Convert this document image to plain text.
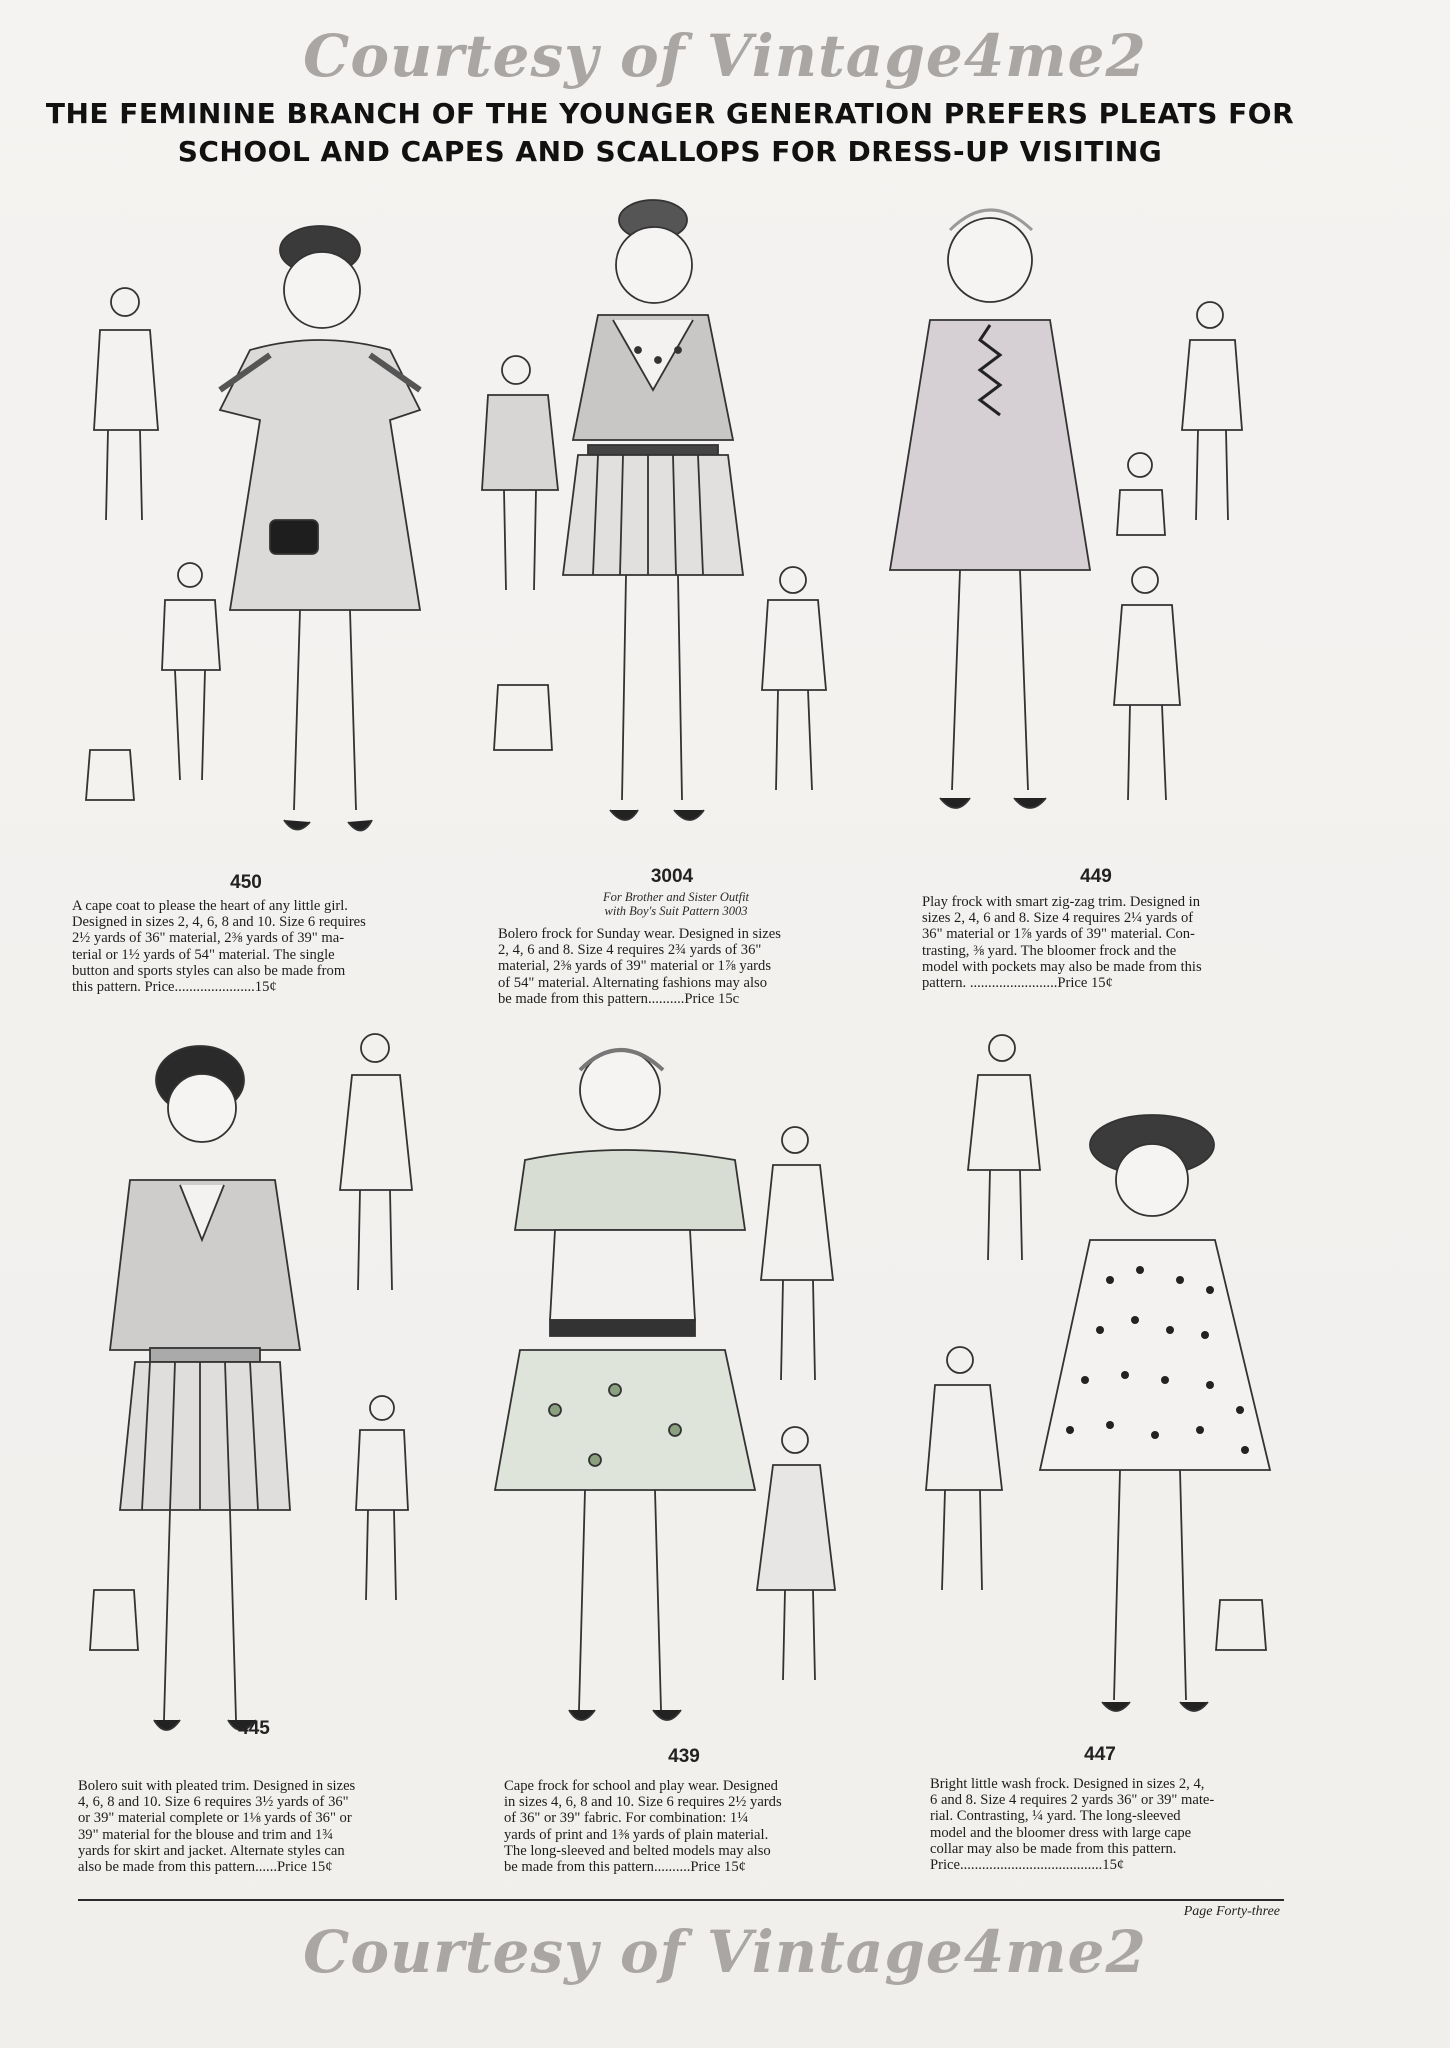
Courtesy of Vintage4me2
THE FEMININE BRANCH OF THE YOUNGER GENERATION PREFERS PLEATS FOR
SCHOOL AND CAPES AND SCALLOPS FOR DRESS-UP VISITING
450	3004	449
445
439	447
A cape coat to please the heart of any little girl.
Designed in sizes 2, 4, 6, 8 and 10. Size 6 requires
2½ yards of 36" material, 2⅜ yards of 39" ma-
terial or 1½ yards of 54" material. The single
button and sports styles can also be made from
this pattern. Price......................15¢
For Brother and Sister Outfit
with Boy's Suit Pattern 3003
Bolero frock for Sunday wear. Designed in sizes
2, 4, 6 and 8. Size 4 requires 2¾ yards of 36"
material, 2⅜ yards of 39" material or 1⅞ yards
of 54" material. Alternating fashions may also
be made from this pattern..........Price 15c
Play frock with smart zig-zag trim. Designed in
sizes 2, 4, 6 and 8. Size 4 requires 2¼ yards of
36" material or 1⅞ yards of 39" material. Con-
trasting, ⅜ yard. The bloomer frock and the
model with pockets may also be made from this
pattern. ........................Price 15¢
Bolero suit with pleated trim. Designed in sizes
4, 6, 8 and 10. Size 6 requires 3½ yards of 36"
or 39" material complete or 1⅛ yards of 36" or
39" material for the blouse and trim and 1¾
yards for skirt and jacket. Alternate styles can
also be made from this pattern......Price 15¢
Cape frock for school and play wear. Designed
in sizes 4, 6, 8 and 10. Size 6 requires 2½ yards
of 36" or 39" fabric. For combination: 1¼
yards of print and 1⅜ yards of plain material.
The long-sleeved and belted models may also
be made from this pattern..........Price 15¢
Bright little wash frock. Designed in sizes 2, 4,
6 and 8. Size 4 requires 2 yards 36" or 39" mate-
rial. Contrasting, ¼ yard. The long-sleeved
model and the bloomer dress with large cape
collar may also be made from this pattern.
Price.......................................15¢
Page Forty-three
Courtesy of Vintage4me2
